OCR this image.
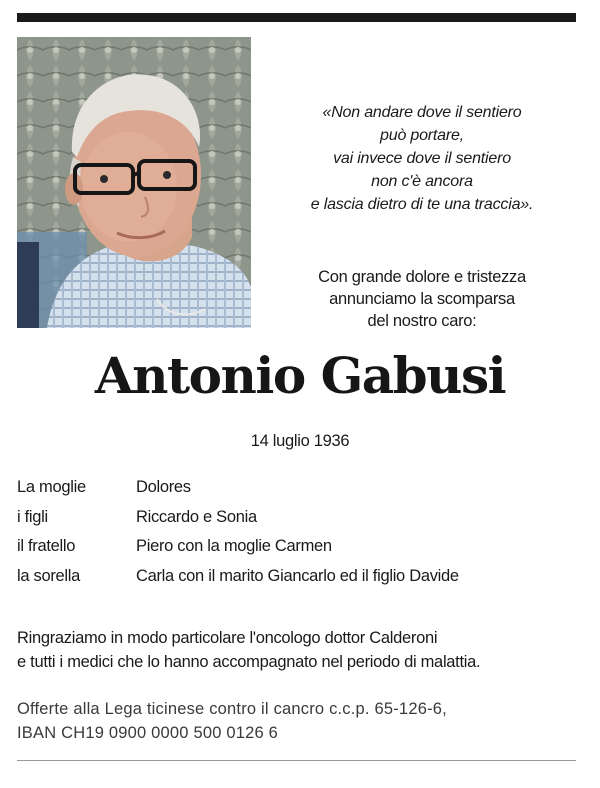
«Non andare dove il sentiero
può portare,
vai invece dove il sentiero
non c'è ancora
e lascia dietro di te una traccia».
Con grande dolore e tristezza
annunciamo la scomparsa
del nostro caro:
Antonio Gabusi
14 luglio 1936
La moglie	Dolores
i figli	Riccardo e Sonia
il fratello	Piero con la moglie Carmen
la sorella	Carla con il marito Giancarlo ed il figlio Davide
Ringraziamo in modo particolare l'oncologo dottor Calderoni
e tutti i medici che lo hanno accompagnato nel periodo di malattia.
Offerte alla Lega ticinese contro il cancro c.c.p. 65-126-6,
IBAN CH19 0900 0000 500 0126 6
